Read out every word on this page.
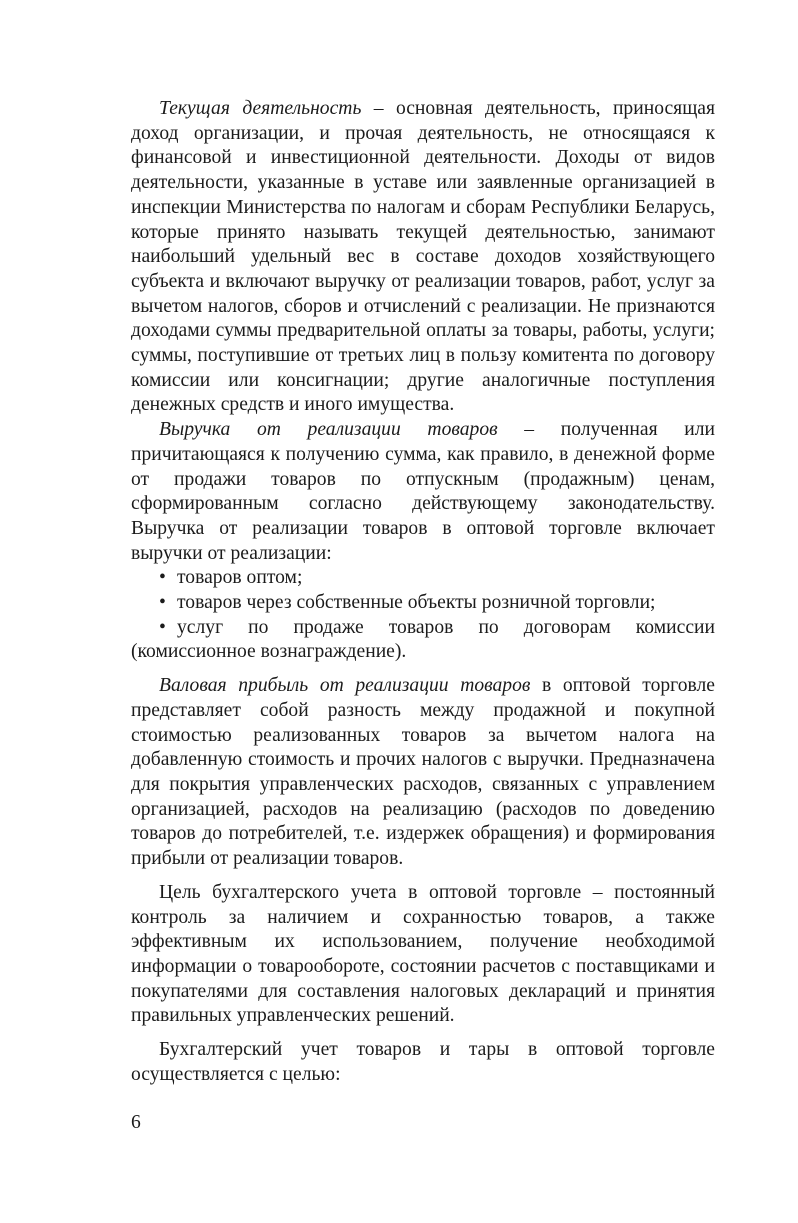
Текущая деятельность – основная деятельность, приносящая доход организации, и прочая деятельность, не относящаяся к финансовой и инвестиционной деятельности. Доходы от видов деятельности, указанные в уставе или заявленные организацией в инспекции Министерства по налогам и сборам Республики Беларусь, которые принято называть текущей деятельностью, занимают наибольший удельный вес в составе доходов хозяйствующего субъекта и включают выручку от реализации товаров, работ, услуг за вычетом налогов, сборов и отчислений с реализации. Не признаются доходами суммы предварительной оплаты за товары, работы, услуги; суммы, поступившие от третьих лиц в пользу комитента по договору комиссии или консигнации; другие аналогичные поступления денежных средств и иного имущества.

Выручка от реализации товаров – полученная или причитающаяся к получению сумма, как правило, в денежной форме от продажи товаров по отпускным (продажным) ценам, сформированным согласно действующему законодательству. Выручка от реализации товаров в оптовой торговле включает выручки от реализации:

• товаров оптом;
• товаров через собственные объекты розничной торговли;
• услуг по продаже товаров по договорам комиссии (комиссионное вознаграждение).

Валовая прибыль от реализации товаров в оптовой торговле представляет собой разность между продажной и покупной стоимостью реализованных товаров за вычетом налога на добавленную стоимость и прочих налогов с выручки. Предназначена для покрытия управленческих расходов, связанных с управлением организацией, расходов на реализацию (расходов по доведению товаров до потребителей, т.е. издержек обращения) и формирования прибыли от реализации товаров.

Цель бухгалтерского учета в оптовой торговле – постоянный контроль за наличием и сохранностью товаров, а также эффективным их использованием, получение необходимой информации о товарообороте, состоянии расчетов с поставщиками и покупателями для составления налоговых деклараций и принятия правильных управленческих решений.

Бухгалтерский учет товаров и тары в оптовой торговле осуществляется с целью:

6
